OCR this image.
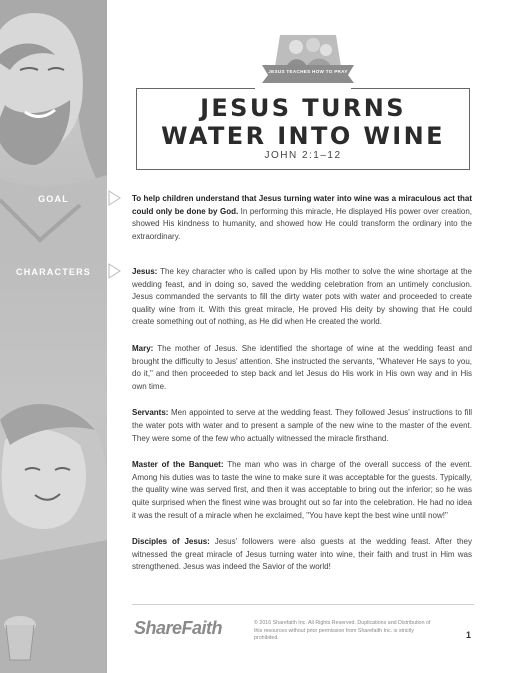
GOAL
CHARACTERS
JESUS TEACHES HOW TO PRAY
JESUS TURNS
WATER INTO WINE
JOHN 2:1–12
To help children understand that Jesus turning water into wine was a miraculous act that could only be done by God. In performing this miracle, He displayed His power over creation, showed His kindness to humanity, and showed how He could transform the ordinary into the extraordinary.

Jesus: The key character who is called upon by His mother to solve the wine shortage at the wedding feast, and in doing so, saved the wedding celebration from an untimely conclusion. Jesus commanded the servants to fill the dirty water pots with water and proceeded to create quality wine from it. With this great miracle, He proved His deity by showing that He could create something out of nothing, as He did when He created the world.

Mary: The mother of Jesus. She identified the shortage of wine at the wedding feast and brought the difficulty to Jesus' attention. She instructed the servants, "Whatever He says to you, do it," and then proceeded to step back and let Jesus do His work in His own way and in His own time.

Servants: Men appointed to serve at the wedding feast. They followed Jesus' instructions to fill the water pots with water and to present a sample of the new wine to the master of the event. They were some of the few who actually witnessed the miracle firsthand.

Master of the Banquet: The man who was in charge of the overall success of the event. Among his duties was to taste the wine to make sure it was acceptable for the guests. Typically, the quality wine was served first, and then it was acceptable to bring out the inferior; so he was quite surprised when the finest wine was brought out so far into the celebration. He had no idea it was the result of a miracle when he exclaimed, "You have kept the best wine until now!"

Disciples of Jesus: Jesus' followers were also guests at the wedding feast. After they witnessed the great miracle of Jesus turning water into wine, their faith and trust in Him was strengthened. Jesus was indeed the Savior of the world!

ShareFaith	© 2016 Sharefaith Inc. All Rights Reserved. Duplications and Distribution of this resources without prior permission from Sharefaith Inc. is strictly prohibited.	1
